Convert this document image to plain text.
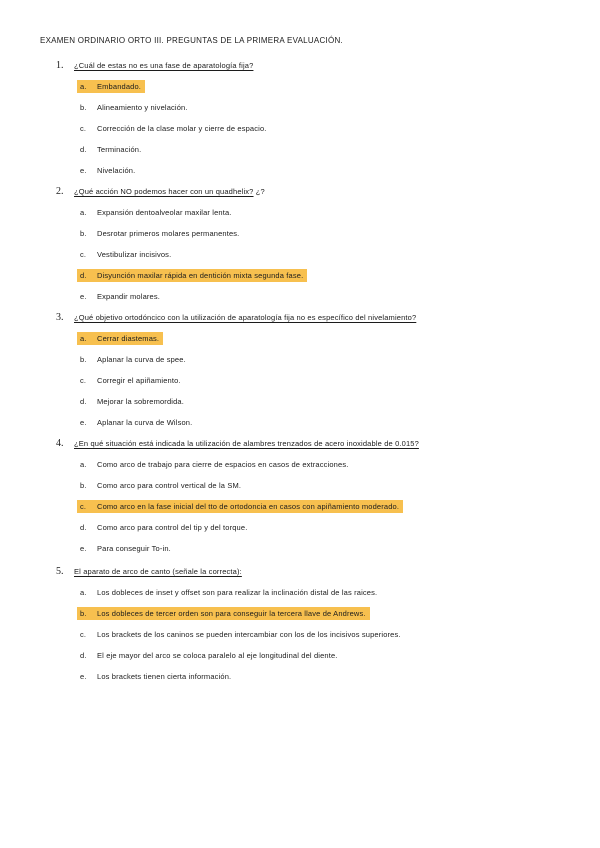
EXAMEN ORDINARIO ORTO III. PREGUNTAS DE LA PRIMERA EVALUACIÓN.
1.	¿Cuál de estas no es una fase de aparatología fija?
a.	Embandado.
b.	Alineamiento y nivelación.
c.	Corrección de la clase molar y cierre de espacio.
d.	Terminación.
e.	Nivelación.
2.	¿Qué acción NO podemos hacer con un quadhelix? ¿?
a.	Expansión dentoalveolar maxilar lenta.
b.	Desrotar primeros molares permanentes.
c.	Vestibulizar incisivos.
d.	Disyunción maxilar rápida en dentición mixta segunda fase.
e.	Expandir molares.
3.	¿Qué objetivo ortodóncico con la utilización de aparatología fija no es específico del nivelamiento?
a.	Cerrar diastemas.
b.	Aplanar la curva de spee.
c.	Corregir el apiñamiento.
d.	Mejorar la sobremordida.
e.	Aplanar la curva de Wilson.
4.	¿En qué situación está indicada la utilización de alambres trenzados de acero inoxidable de 0.015?
a.	Como arco de trabajo para cierre de espacios en casos de extracciones.
b.	Como arco para control vertical de la SM.
c.	Como arco en la fase inicial del tto de ortodoncia en casos con apiñamiento moderado.
d.	Como arco para control del tip y del torque.
e.	Para conseguir To-in.
5.	El aparato de arco de canto (señale la correcta):
a.	Los dobleces de inset y offset son para realizar la inclinación distal de las raices.
b.	Los dobleces de tercer orden son para conseguir la tercera llave de Andrews.
c.	Los brackets de los caninos se pueden intercambiar con los de los incisivos superiores.
d.	El eje mayor del arco se coloca paralelo al eje longitudinal del diente.
e.	Los brackets tienen cierta información.
